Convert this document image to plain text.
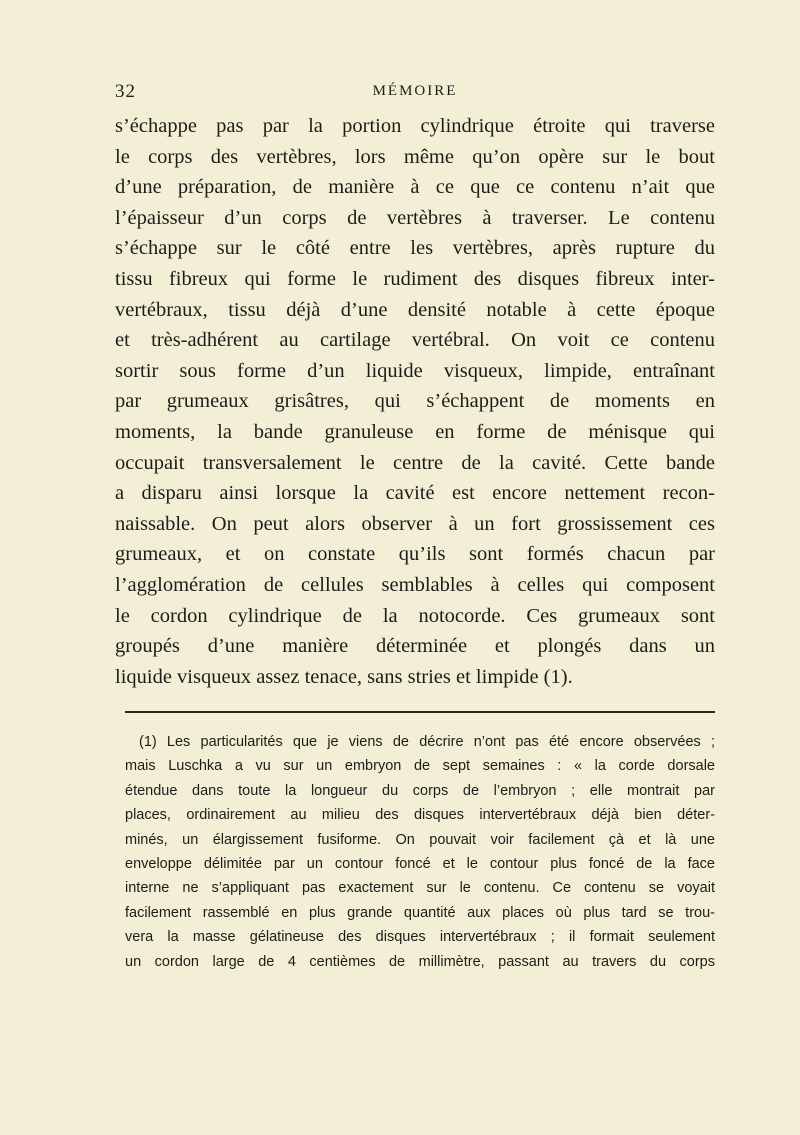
32	MÉMOIRE
s’échappe pas par la portion cylindrique étroite qui traverse
le corps des vertèbres, lors même qu’on opère sur le bout
d’une préparation, de manière à ce que ce contenu n’ait que
l’épaisseur d’un corps de vertèbres à traverser. Le contenu
s’échappe sur le côté entre les vertèbres, après rupture du
tissu fibreux qui forme le rudiment des disques fibreux inter-
vertébraux, tissu déjà d’une densité notable à cette époque
et très-adhérent au cartilage vertébral. On voit ce contenu
sortir sous forme d’un liquide visqueux, limpide, entraînant
par grumeaux grisâtres, qui s’échappent de moments en
moments, la bande granuleuse en forme de ménisque qui
occupait transversalement le centre de la cavité. Cette bande
a disparu ainsi lorsque la cavité est encore nettement recon-
naissable. On peut alors observer à un fort grossissement ces
grumeaux, et on constate qu’ils sont formés chacun par
l’agglomération de cellules semblables à celles qui composent
le cordon cylindrique de la notocorde. Ces grumeaux sont
groupés d’une manière déterminée et plongés dans un
liquide visqueux assez tenace, sans stries et limpide (1).
(1) Les particularités que je viens de décrire n’ont pas été encore observées ;
mais Luschka a vu sur un embryon de sept semaines : « la corde dorsale
étendue dans toute la longueur du corps de l’embryon ; elle montrait par
places, ordinairement au milieu des disques intervertébraux déjà bien déter-
minés, un élargissement fusiforme. On pouvait voir facilement çà et là une
enveloppe délimitée par un contour foncé et le contour plus foncé de la face
interne ne s’appliquant pas exactement sur le contenu. Ce contenu se voyait
facilement rassemblé en plus grande quantité aux places où plus tard se trou-
vera la masse gélatineuse des disques intervertébraux ; il formait seulement
un cordon large de 4 centièmes de millimètre, passant au travers du corps
